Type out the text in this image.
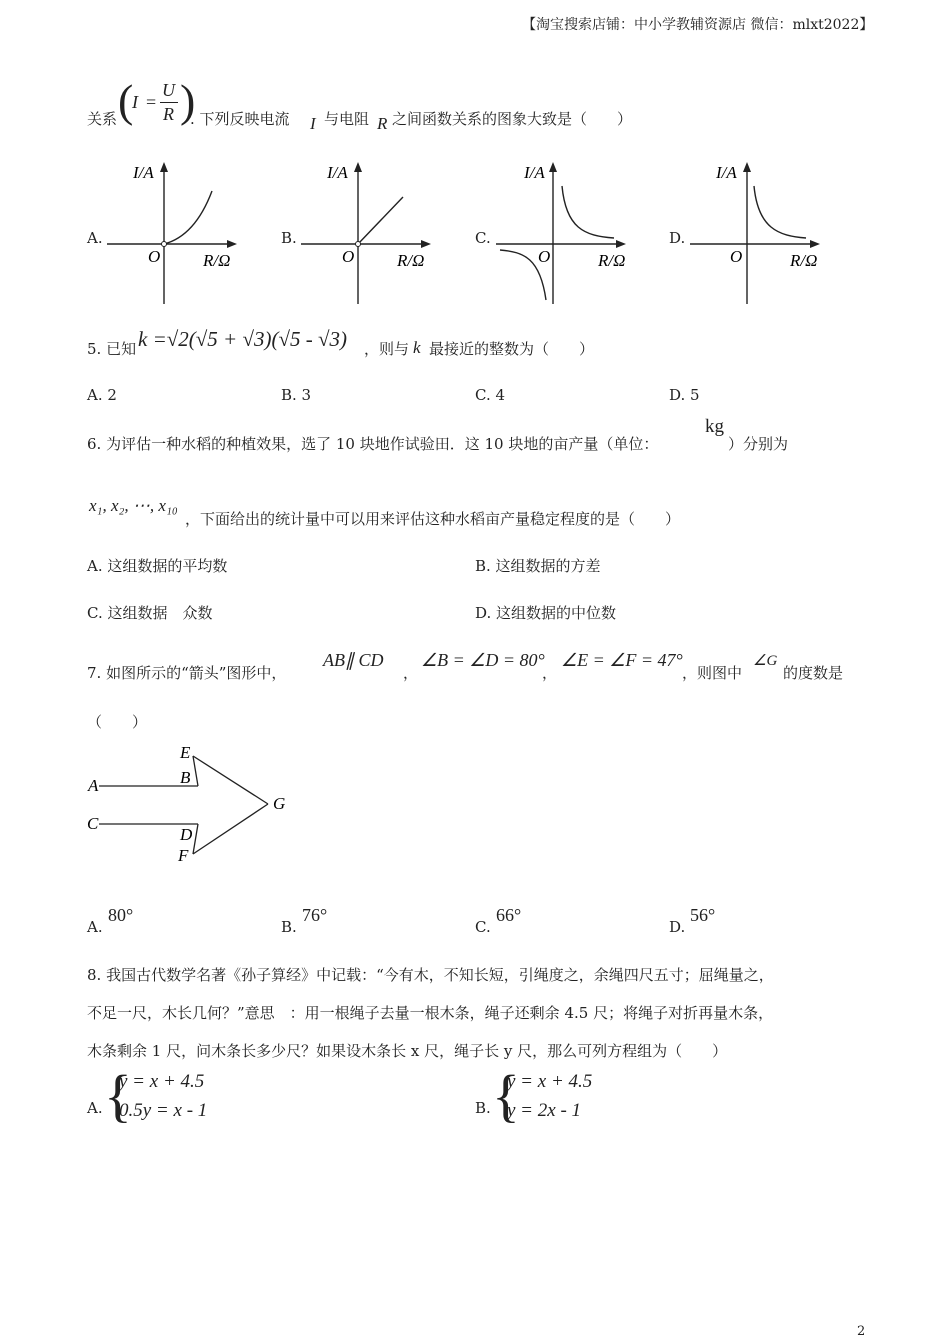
【淘宝搜索店铺：中小学教辅资源店 微信：mlxt2022】
关系 (
I =
U
R )
. 下列反映电流 I 与电阻 R 之间函数关系的图象大致是（　　）
A.
I/A
O	R/Ω
B.
I/A
O	R/Ω
C.
I/A
O	R/Ω
D.
I/A
O	R/Ω
5. 已知 k =√2(√5 + √3)(√5 - √3) ，则与 k 最接近的整数为（　　）
A. 2	B. 3	C. 4	D. 5
6. 为评估一种水稻的种植效果，选了 10 块地作试验田．这 10 块地的亩产量（单位：
kg
）分别为
x₁, x₂, ⋯, x₁₀
，下面给出的统计量中可以用来评估这种水稻亩产量稳定程度的是（　　）
A. 这组数据的平均数	B. 这组数据的方差
C. 这组数据　众数	D. 这组数据的中位数
7. 如图所示的“箭头”图形中，
AB∥ CD
，
∠B = ∠D = 80°
，
∠E = ∠F = 47°
，则图中
∠G
的度数是
（　　）
E
B
A
C
D
F
G
A.
80°
B.
76°
C.
66°
D.
56°
8. 我国古代数学名著《孙子算经》中记载：“今有木，不知长短，引绳度之，余绳四尺五寸；屈绳量之，
不足一尺，木长几何？”意思　：用一根绳子去量一根木条，绳子还剩余 4.5 尺；将绳子对折再量木条，
木条剩余 1 尺，问木条长多少尺？如果设木条长 x 尺，绳子长 y 尺，那么可列方程组为（　　）
A. {
y = x + 4.5
0.5y = x - 1	B. {
y = x + 4.5
y = 2x - 1
2
